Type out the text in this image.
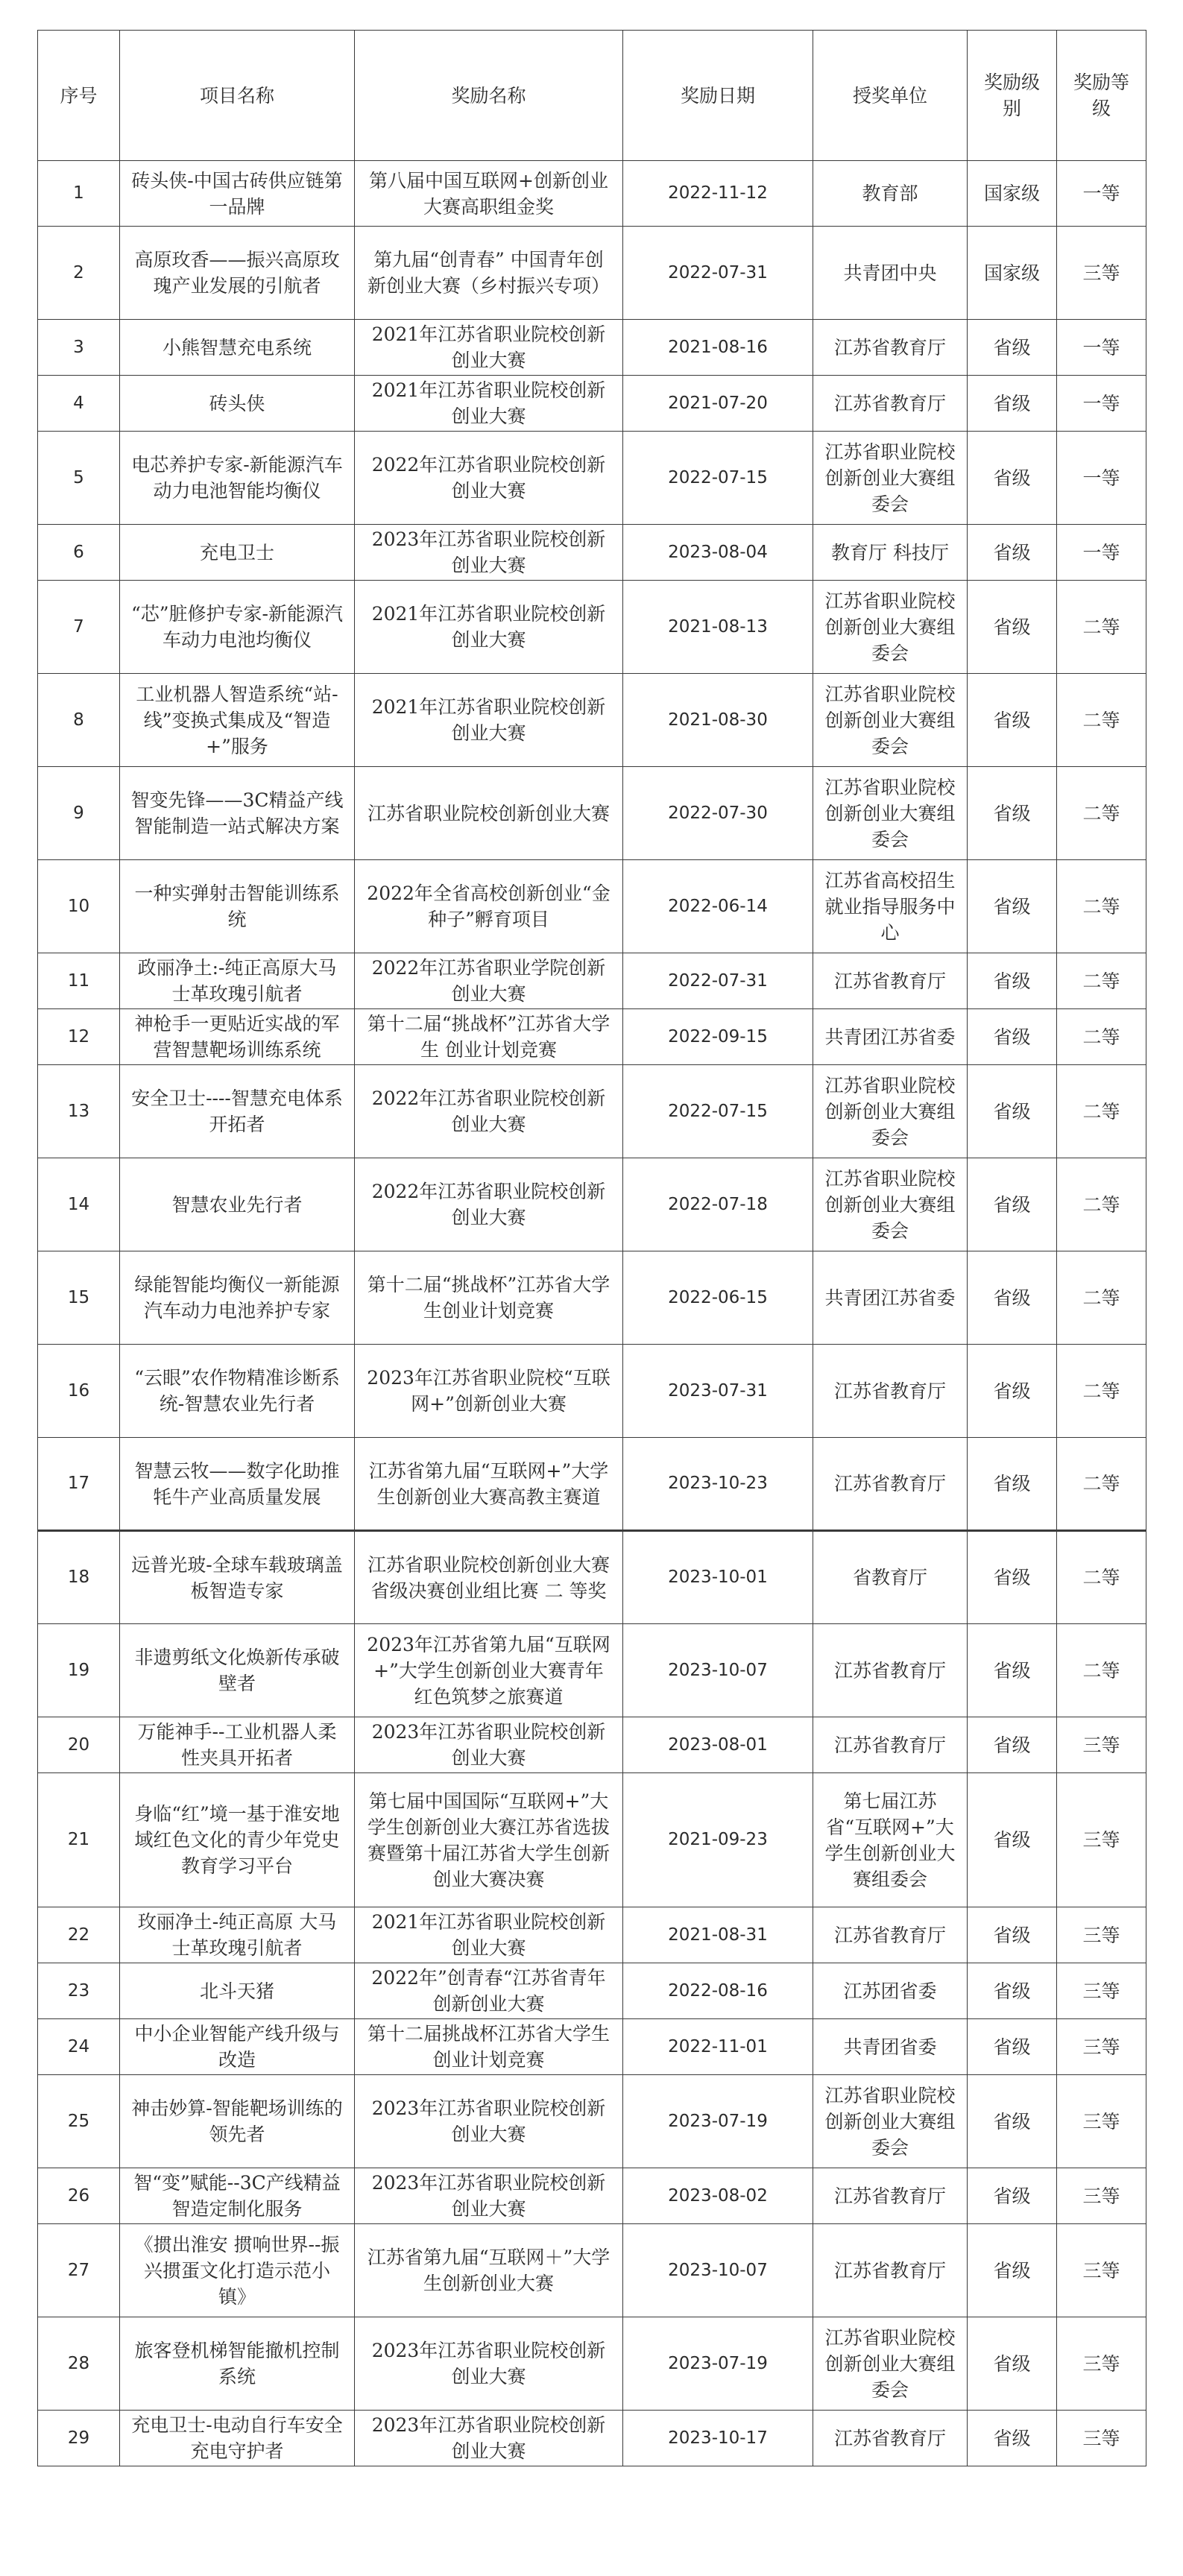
序号	项目名称	奖励名称	奖励日期	授奖单位	奖励级别	奖励等级
1	砖头侠-中国古砖供应链第一品牌	第八届中国互联网+创新创业大赛高职组金奖	2022-11-12	教育部	国家级	一等
2	高原玫香——振兴高原玫瑰产业发展的引航者	第九届“创青春” 中国青年创新创业大赛（乡村振兴专项）	2022-07-31	共青团中央	国家级	三等
3	小熊智慧充电系统	2021年江苏省职业院校创新创业大赛	2021-08-16	江苏省教育厅	省级	一等
4	砖头侠	2021年江苏省职业院校创新创业大赛	2021-07-20	江苏省教育厅	省级	一等
5	电芯养护专家-新能源汽车动力电池智能均衡仪	2022年江苏省职业院校创新创业大赛	2022-07-15	江苏省职业院校创新创业大赛组委会	省级	一等
6	充电卫士	2023年江苏省职业院校创新创业大赛	2023-08-04	教育厅 科技厅	省级	一等
7	“芯”脏修护专家-新能源汽车动力电池均衡仪	2021年江苏省职业院校创新创业大赛	2021-08-13	江苏省职业院校创新创业大赛组委会	省级	二等
8	工业机器人智造系统“站-线”变换式集成及“智造+”服务	2021年江苏省职业院校创新创业大赛	2021-08-30	江苏省职业院校创新创业大赛组委会	省级	二等
9	智变先锋——3C精益产线智能制造一站式解决方案	江苏省职业院校创新创业大赛	2022-07-30	江苏省职业院校创新创业大赛组委会	省级	二等
10	一种实弹射击智能训练系统	2022年全省高校创新创业“金种子”孵育项目	2022-06-14	江苏省高校招生就业指导服务中心	省级	二等
11	政丽净土:-纯正高原大马士革玫瑰引航者	2022年江苏省职业学院创新创业大赛	2022-07-31	江苏省教育厅	省级	二等
12	神枪手一更贴近实战的军营智慧靶场训练系统	第十二届“挑战杯”江苏省大学生 创业计划竞赛	2022-09-15	共青团江苏省委	省级	二等
13	安全卫士----智慧充电体系开拓者	2022年江苏省职业院校创新创业大赛	2022-07-15	江苏省职业院校创新创业大赛组委会	省级	二等
14	智慧农业先行者	2022年江苏省职业院校创新创业大赛	2022-07-18	江苏省职业院校创新创业大赛组委会	省级	二等
15	绿能智能均衡仪一新能源汽车动力电池养护专家	第十二届“挑战杯”江苏省大学生创业计划竞赛	2022-06-15	共青团江苏省委	省级	二等
16	“云眼”农作物精准诊断系统-智慧农业先行者	2023年江苏省职业院校“互联网+”创新创业大赛	2023-07-31	江苏省教育厅	省级	二等
17	智慧云牧——数字化助推牦牛产业高质量发展	江苏省第九届“互联网+”大学生创新创业大赛高教主赛道	2023-10-23	江苏省教育厅	省级	二等
18	远普光玻-全球车载玻璃盖板智造专家	江苏省职业院校创新创业大赛省级决赛创业组比赛 二 等奖	2023-10-01	省教育厅	省级	二等
19	非遗剪纸文化焕新传承破壁者	2023年江苏省第九届“互联网+”大学生创新创业大赛青年红色筑梦之旅赛道	2023-10-07	江苏省教育厅	省级	二等
20	万能神手--工业机器人柔性夹具开拓者	2023年江苏省职业院校创新创业大赛	2023-08-01	江苏省教育厅	省级	三等
21	身临“红”境一基于淮安地域红色文化的青少年党史教育学习平台	第七届中国国际“互联网+”大学生创新创业大赛江苏省选拔赛暨第十届江苏省大学生创新创业大赛决赛	2021-09-23	第七届江苏省“互联网+”大学生创新创业大赛组委会	省级	三等
22	玫丽净土-纯正高原 大马士革玫瑰引航者	2021年江苏省职业院校创新创业大赛	2021-08-31	江苏省教育厅	省级	三等
23	北斗天猪	2022年”创青春“江苏省青年创新创业大赛	2022-08-16	江苏团省委	省级	三等
24	中小企业智能产线升级与改造	第十二届挑战杯江苏省大学生创业计划竞赛	2022-11-01	共青团省委	省级	三等
25	神击妙算-智能靶场训练的领先者	2023年江苏省职业院校创新创业大赛	2023-07-19	江苏省职业院校创新创业大赛组委会	省级	三等
26	智“变”赋能--3C产线精益智造定制化服务	2023年江苏省职业院校创新创业大赛	2023-08-02	江苏省教育厅	省级	三等
27	《掼出淮安 掼响世界--振兴掼蛋文化打造示范小镇》	江苏省第九届“互联网＋”大学生创新创业大赛	2023-10-07	江苏省教育厅	省级	三等
28	旅客登机梯智能撤机控制系统	2023年江苏省职业院校创新创业大赛	2023-07-19	江苏省职业院校创新创业大赛组委会	省级	三等
29	充电卫士-电动自行车安全充电守护者	2023年江苏省职业院校创新创业大赛	2023-10-17	江苏省教育厅	省级	三等
